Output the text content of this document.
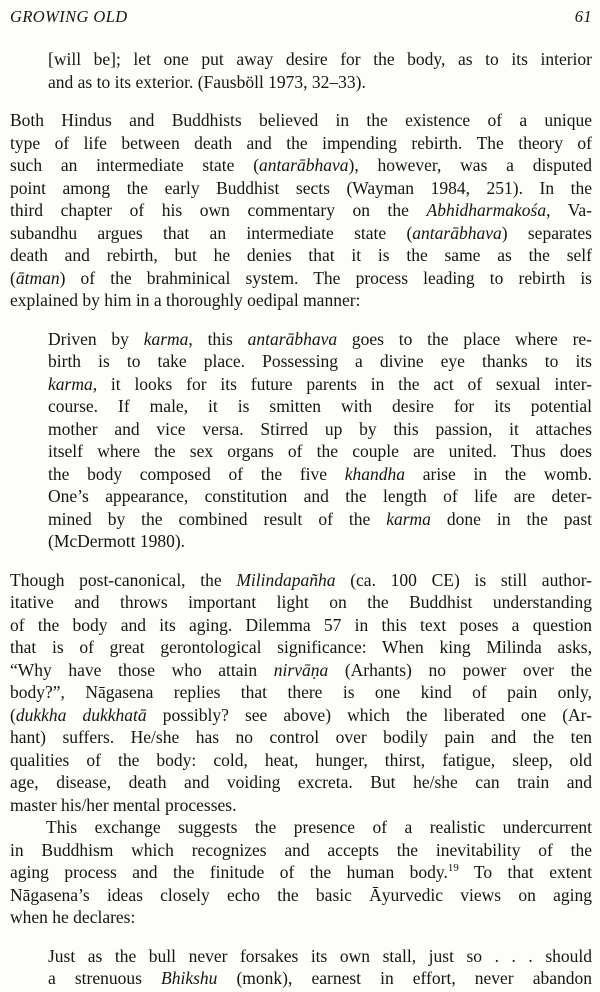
GROWING OLD	61
[will be]; let one put away desire for the body, as to its interior
and as to its exterior. (Fausböll 1973, 32–33).
Both Hindus and Buddhists believed in the existence of a unique
type of life between death and the impending rebirth. The theory of
such an intermediate state (antarābhava), however, was a disputed
point among the early Buddhist sects (Wayman 1984, 251). In the
third chapter of his own commentary on the Abhidharmakośa, Va-
subandhu argues that an intermediate state (antarābhava) separates
death and rebirth, but he denies that it is the same as the self
(ātman) of the brahminical system. The process leading to rebirth is
explained by him in a thoroughly oedipal manner:
Driven by karma, this antarābhava goes to the place where re-
birth is to take place. Possessing a divine eye thanks to its
karma, it looks for its future parents in the act of sexual inter-
course. If male, it is smitten with desire for its potential
mother and vice versa. Stirred up by this passion, it attaches
itself where the sex organs of the couple are united. Thus does
the body composed of the five khandha arise in the womb.
One’s appearance, constitution and the length of life are deter-
mined by the combined result of the karma done in the past
(McDermott 1980).
Though post-canonical, the Milindapañha (ca. 100 CE) is still author-
itative and throws important light on the Buddhist understanding
of the body and its aging. Dilemma 57 in this text poses a question
that is of great gerontological significance: When king Milinda asks,
“Why have those who attain nirvāṇa (Arhants) no power over the
body?”, Nāgasena replies that there is one kind of pain only,
(dukkha dukkhatā possibly? see above) which the liberated one (Ar-
hant) suffers. He/she has no control over bodily pain and the ten
qualities of the body: cold, heat, hunger, thirst, fatigue, sleep, old
age, disease, death and voiding excreta. But he/she can train and
master his/her mental processes.
This exchange suggests the presence of a realistic undercurrent
in Buddhism which recognizes and accepts the inevitability of the
aging process and the finitude of the human body.$^{19}$ To that extent
Nāgasena’s ideas closely echo the basic Āyurvedic views on aging
when he declares:
Just as the bull never forsakes its own stall, just so . . . should
a strenuous Bhikshu (monk), earnest in effort, never abandon
